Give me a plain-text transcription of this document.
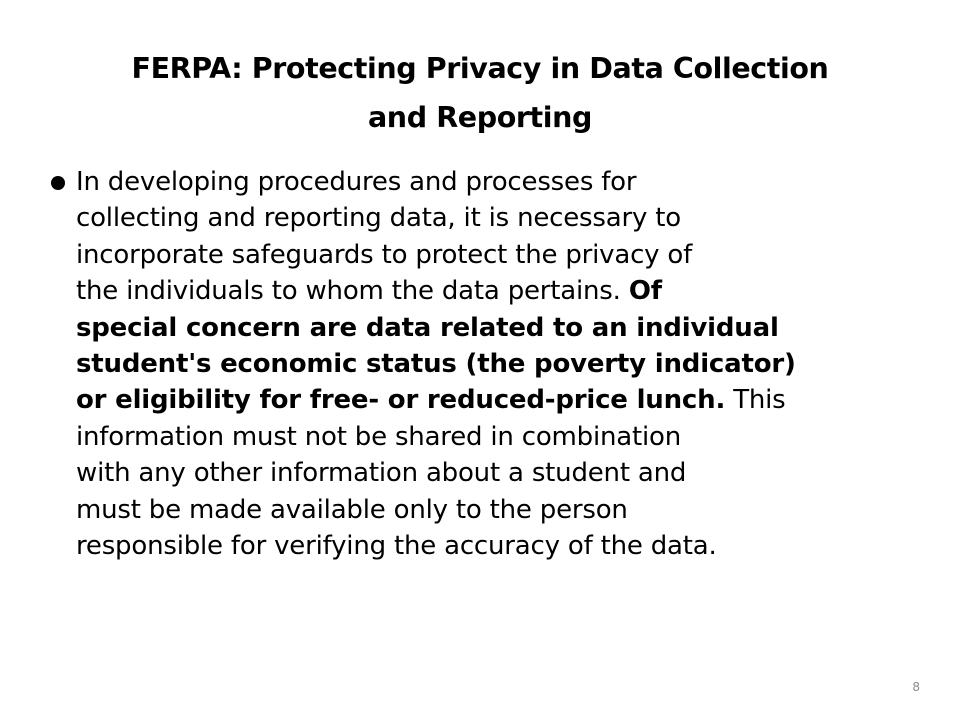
FERPA: Protecting Privacy in Data Collection
and Reporting
In developing procedures and processes for
collecting and reporting data, it is necessary to
incorporate safeguards to protect the privacy of
the individuals to whom the data pertains. Of
special concern are data related to an individual
student's economic status (the poverty indicator)
or eligibility for free- or reduced-price lunch. This
information must not be shared in combination
with any other information about a student and
must be made available only to the person
responsible for verifying the accuracy of the data.
8
